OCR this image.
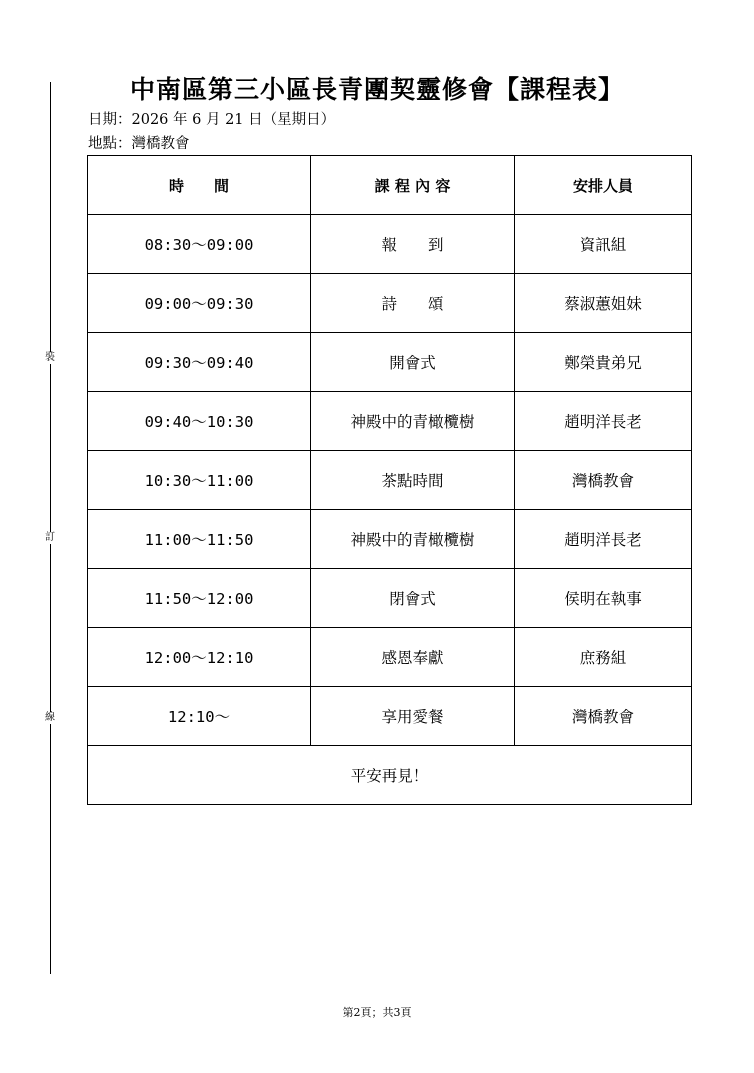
裝
訂
線
中南區第三小區長青團契靈修會【課程表】
日期：2026 年 6 月 21 日（星期日）
地點：灣橋教會
時　　間	課 程 內 容	安排人員
08:30～09:00	報　　到	資訊組
09:00～09:30	詩　　頌	蔡淑蕙姐妹
09:30～09:40	開會式	鄭榮貴弟兄
09:40～10:30	神殿中的青橄欖樹	趙明洋長老
10:30～11:00	茶點時間	灣橋教會
11:00～11:50	神殿中的青橄欖樹	趙明洋長老
11:50～12:00	閉會式	侯明在執事
12:00～12:10	感恩奉獻	庶務組
12:10～	享用愛餐	灣橋教會
平安再見！		
第2頁；共3頁
